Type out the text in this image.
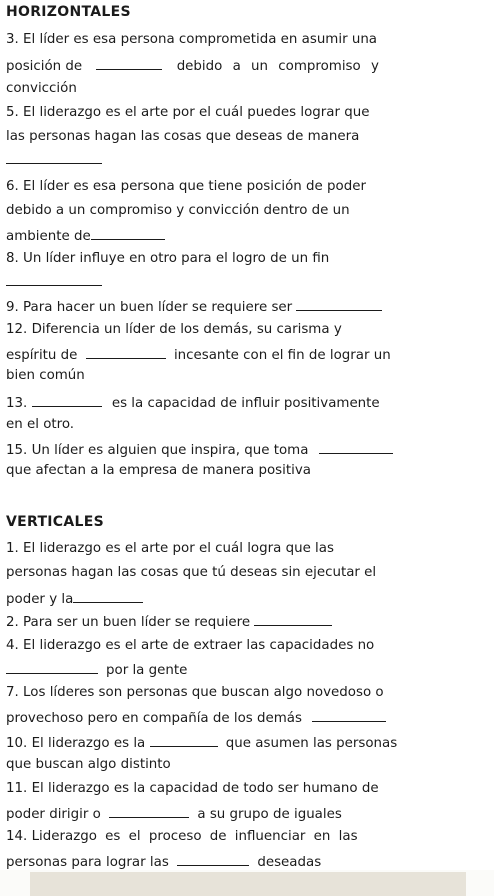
HORIZONTALES
3. El líder es esa persona comprometida en asumir una
posición de	debido a un compromiso y
convicción
5. El liderazgo es el arte por el cuál puedes lograr que
las personas hagan las cosas que deseas de manera
6. El líder es esa persona que tiene posición de poder
debido a un compromiso y convicción dentro de un
ambiente de
8. Un líder influye en otro para el logro de un fin
9. Para hacer un buen líder se requiere ser
12. Diferencia un líder de los demás, su carisma y
espíritu de	incesante con el fin de lograr un
bien común
13.	es la capacidad de influir positivamente
en el otro.
15. Un líder es alguien que inspira, que toma
que afectan a la empresa de manera positiva
VERTICALES
1. El liderazgo es el arte por el cuál logra que las
personas hagan las cosas que tú deseas sin ejecutar el
poder y la
2. Para ser un buen líder se requiere
4. El liderazgo es el arte de extraer las capacidades no
por la gente
7. Los líderes son personas que buscan algo novedoso o
provechoso pero en compañía de los demás
10. El liderazgo es la	que asumen las personas
que buscan algo distinto
11. El liderazgo es la capacidad de todo ser humano de
poder dirigir o	a su grupo de iguales
14. Liderazgo es el proceso de influenciar en las
personas para lograr las	deseadas
